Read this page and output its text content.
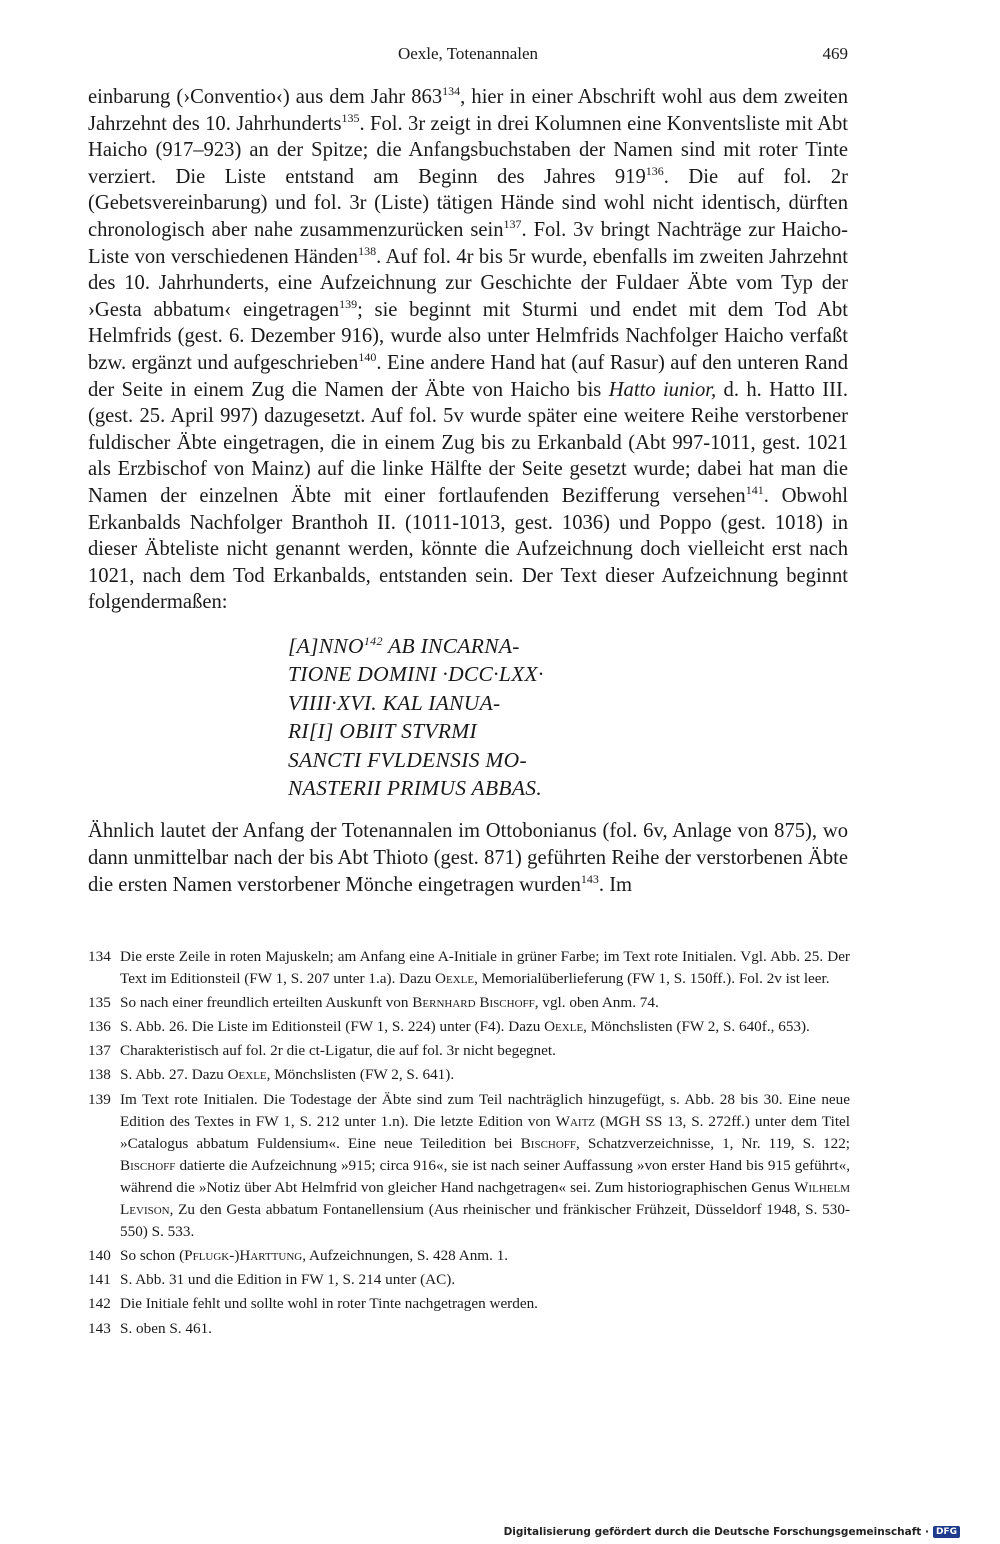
Oexle, Totenannalen	469

einbarung (›Conventio‹) aus dem Jahr $863^{134}$, hier in einer Abschrift wohl aus dem zweiten Jahrzehnt des 10. Jahrhunderts$^{135}$. Fol. 3r zeigt in drei Kolumnen eine Konventsliste mit Abt Haicho (917–923) an der Spitze; die Anfangsbuchstaben der Namen sind mit roter Tinte verziert. Die Liste entstand am Beginn des Jahres $919^{136}$. Die auf fol. 2r (Gebetsvereinbarung) und fol. 3r (Liste) tätigen Hände sind wohl nicht identisch, dürften chronologisch aber nahe zusammenzurücken sein$^{137}$. Fol. 3v bringt Nachträge zur Haicho-Liste von verschiedenen Händen$^{138}$. Auf fol. 4r bis 5r wurde, ebenfalls im zweiten Jahrzehnt des 10. Jahrhunderts, eine Aufzeichnung zur Geschichte der Fuldaer Äbte vom Typ der ›Gesta abbatum‹ eingetragen$^{139}$; sie beginnt mit Sturmi und endet mit dem Tod Abt Helmfrids (gest. 6. Dezember 916), wurde also unter Helmfrids Nachfolger Haicho verfaßt bzw. ergänzt und aufgeschrieben$^{140}$. Eine andere Hand hat (auf Rasur) auf den unteren Rand der Seite in einem Zug die Namen der Äbte von Haicho bis Hatto iunior, d. h. Hatto III. (gest. 25. April 997) dazugesetzt. Auf fol. 5v wurde später eine weitere Reihe verstorbener fuldischer Äbte eingetragen, die in einem Zug bis zu Erkanbald (Abt 997-1011, gest. 1021 als Erzbischof von Mainz) auf die linke Hälfte der Seite gesetzt wurde; dabei hat man die Namen der einzelnen Äbte mit einer fortlaufenden Bezifferung versehen$^{141}$. Obwohl Erkanbalds Nachfolger Branthoh II. (1011-1013, gest. 1036) und Poppo (gest. 1018) in dieser Äbteliste nicht genannt werden, könnte die Aufzeichnung doch vielleicht erst nach 1021, nach dem Tod Erkanbalds, entstanden sein. Der Text dieser Aufzeichnung beginnt folgendermaßen:

[A]NNO$^{142}$ AB INCARNA-
TIONE DOMINI ·DCC·LXX·
VIIII·XVI. KAL IANUA-
RI[I] OBIIT STVRMI
SANCTI FVLDENSIS MO-
NASTERII PRIMUS ABBAS.

Ähnlich lautet der Anfang der Totenannalen im Ottobonianus (fol. 6v, Anlage von 875), wo dann unmittelbar nach der bis Abt Thioto (gest. 871) geführten Reihe der verstorbenen Äbte die ersten Namen verstorbener Mönche eingetragen wurden$^{143}$. Im

134 Die erste Zeile in roten Majuskeln; am Anfang eine A-Initiale in grüner Farbe; im Text rote Initialen. Vgl. Abb. 25. Der Text im Editionsteil (FW 1, S. 207 unter 1.a). Dazu Oexle, Memorialüberlieferung (FW 1, S. 150ff.). Fol. 2v ist leer.
135 So nach einer freundlich erteilten Auskunft von Bernhard Bischoff, vgl. oben Anm. 74.
136 S. Abb. 26. Die Liste im Editionsteil (FW 1, S. 224) unter (F4). Dazu Oexle, Mönchslisten (FW 2, S. 640f., 653).
137 Charakteristisch auf fol. 2r die ct-Ligatur, die auf fol. 3r nicht begegnet.
138 S. Abb. 27. Dazu Oexle, Mönchslisten (FW 2, S. 641).
139 Im Text rote Initialen. Die Todestage der Äbte sind zum Teil nachträglich hinzugefügt, s. Abb. 28 bis 30. Eine neue Edition des Textes in FW 1, S. 212 unter 1.n). Die letzte Edition von Waitz (MGH SS 13, S. 272ff.) unter dem Titel »Catalogus abbatum Fuldensium«. Eine neue Teiledition bei Bischoff, Schatzverzeichnisse, 1, Nr. 119, S. 122; Bischoff datierte die Aufzeichnung »915; circa 916«, sie ist nach seiner Auffassung »von erster Hand bis 915 geführt«, während die »Notiz über Abt Helmfrid von gleicher Hand nachgetragen« sei. Zum historiographischen Genus Wilhelm Levison, Zu den Gesta abbatum Fontanellensium (Aus rheinischer und fränkischer Frühzeit, Düsseldorf 1948, S. 530-550) S. 533.
140 So schon (Pflugk-)Harttung, Aufzeichnungen, S. 428 Anm. 1.
141 S. Abb. 31 und die Edition in FW 1, S. 214 unter (AC).
142 Die Initiale fehlt und sollte wohl in roter Tinte nachgetragen werden.
143 S. oben S. 461.
Digitalisierung gefördert durch die Deutsche Forschungsgemeinschaft · DFG
